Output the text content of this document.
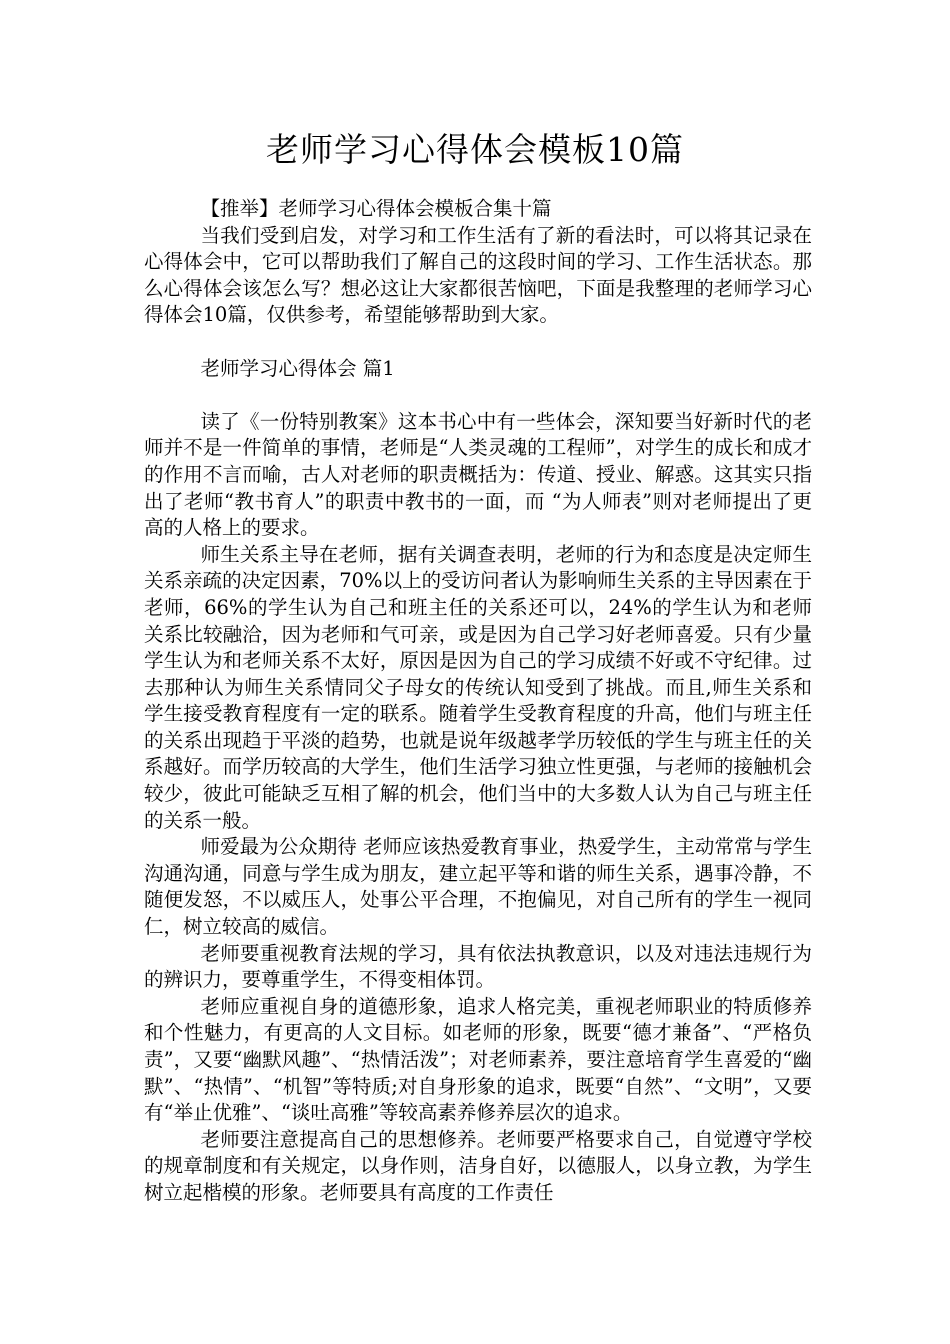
老师学习心得体会模板10篇

【推举】老师学习心得体会模板合集十篇

当我们受到启发，对学习和工作生活有了新的看法时，可以将其记录在心得体会中，它可以帮助我们了解自己的这段时间的学习、工作生活状态。那么心得体会该怎么写？想必这让大家都很苦恼吧，下面是我整理的老师学习心得体会10篇，仅供参考，希望能够帮助到大家。

老师学习心得体会 篇1

读了《一份特别教案》这本书心中有一些体会，深知要当好新时代的老师并不是一件简单的事情，老师是“人类灵魂的工程师”，对学生的成长和成才的作用不言而喻，古人对老师的职责概括为：传道、授业、解惑。这其实只指出了老师“教书育人”的职责中教书的一面，而 “为人师表”则对老师提出了更高的人格上的要求。

师生关系主导在老师，据有关调查表明，老师的行为和态度是决定师生关系亲疏的决定因素，70%以上的受访问者认为影响师生关系的主导因素在于老师，66%的学生认为自己和班主任的关系还可以，24%的学生认为和老师关系比较融洽，因为老师和气可亲，或是因为自己学习好老师喜爱。只有少量学生认为和老师关系不太好，原因是因为自己的学习成绩不好或不守纪律。过去那种认为师生关系情同父子母女的传统认知受到了挑战。而且,师生关系和学生接受教育程度有一定的联系。随着学生受教育程度的升高，他们与班主任的关系出现趋于平淡的趋势，也就是说年级越孝学历较低的学生与班主任的关系越好。而学历较高的大学生，他们生活学习独立性更强，与老师的接触机会较少，彼此可能缺乏互相了解的机会，他们当中的大多数人认为自己与班主任的关系一般。

师爱最为公众期待 老师应该热爱教育事业，热爱学生，主动常常与学生沟通沟通，同意与学生成为朋友，建立起平等和谐的师生关系，遇事冷静，不随便发怒，不以威压人，处事公平合理，不抱偏见，对自己所有的学生一视同仁，树立较高的威信。

老师要重视教育法规的学习，具有依法执教意识，以及对违法违规行为的辨识力，要尊重学生，不得变相体罚。

老师应重视自身的道德形象，追求人格完美，重视老师职业的特质修养和个性魅力，有更高的人文目标。如老师的形象，既要“德才兼备”、“严格负责”，又要“幽默风趣”、“热情活泼”；对老师素养，要注意培育学生喜爱的“幽默”、“热情”、“机智”等特质;对自身形象的追求，既要“自然”、“文明”，又要有“举止优雅”、“谈吐高雅”等较高素养修养层次的追求。

老师要注意提高自己的思想修养。老师要严格要求自己，自觉遵守学校的规章制度和有关规定，以身作则，洁身自好，以德服人，以身立教，为学生树立起楷模的形象。老师要具有高度的工作责任
